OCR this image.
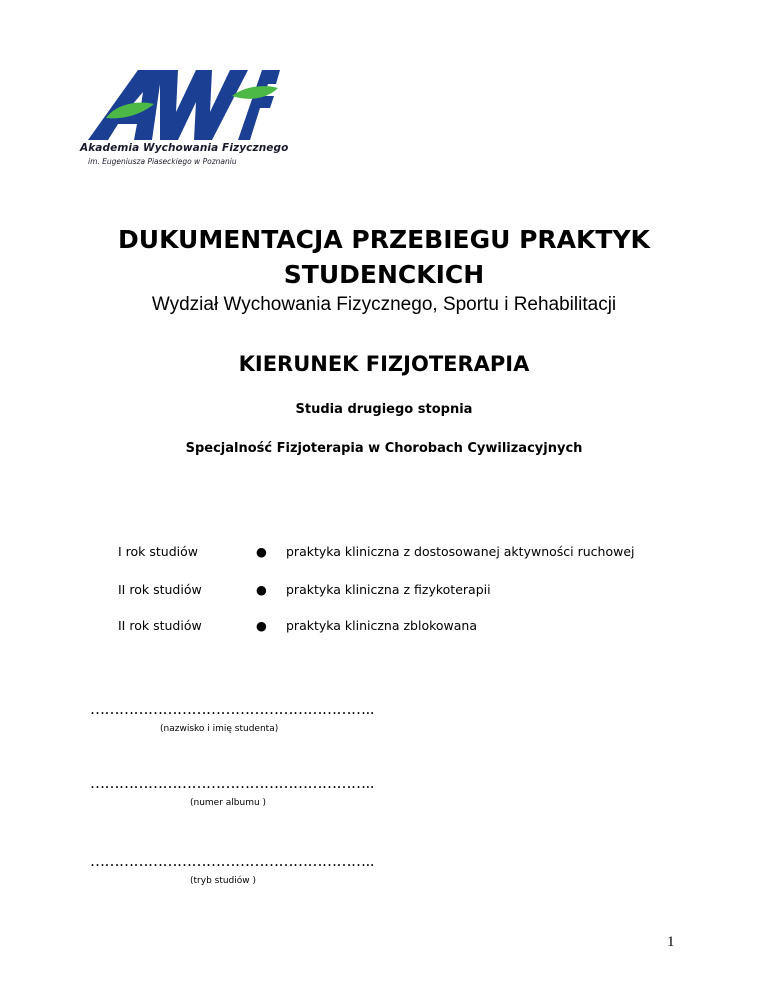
Akademia Wychowania Fizycznego
im. Eugeniusza Piaseckiego w Poznaniu
DUKUMENTACJA PRZEBIEGU PRAKTYK
STUDENCKICH
Wydział Wychowania Fizycznego, Sportu i Rehabilitacji
KIERUNEK FIZJOTERAPIA
Studia drugiego stopnia
Specjalność Fizjoterapia w Chorobach Cywilizacyjnych
I rok studiów	● praktyka kliniczna z dostosowanej aktywności ruchowej
II rok studiów	● praktyka kliniczna z fizykoterapii
II rok studiów	● praktyka kliniczna zblokowana
…………………………………………………..
(nazwisko i imię studenta)
…………………………………………………..
(numer albumu )
…………………………………………………..
(tryb studiów )
1
